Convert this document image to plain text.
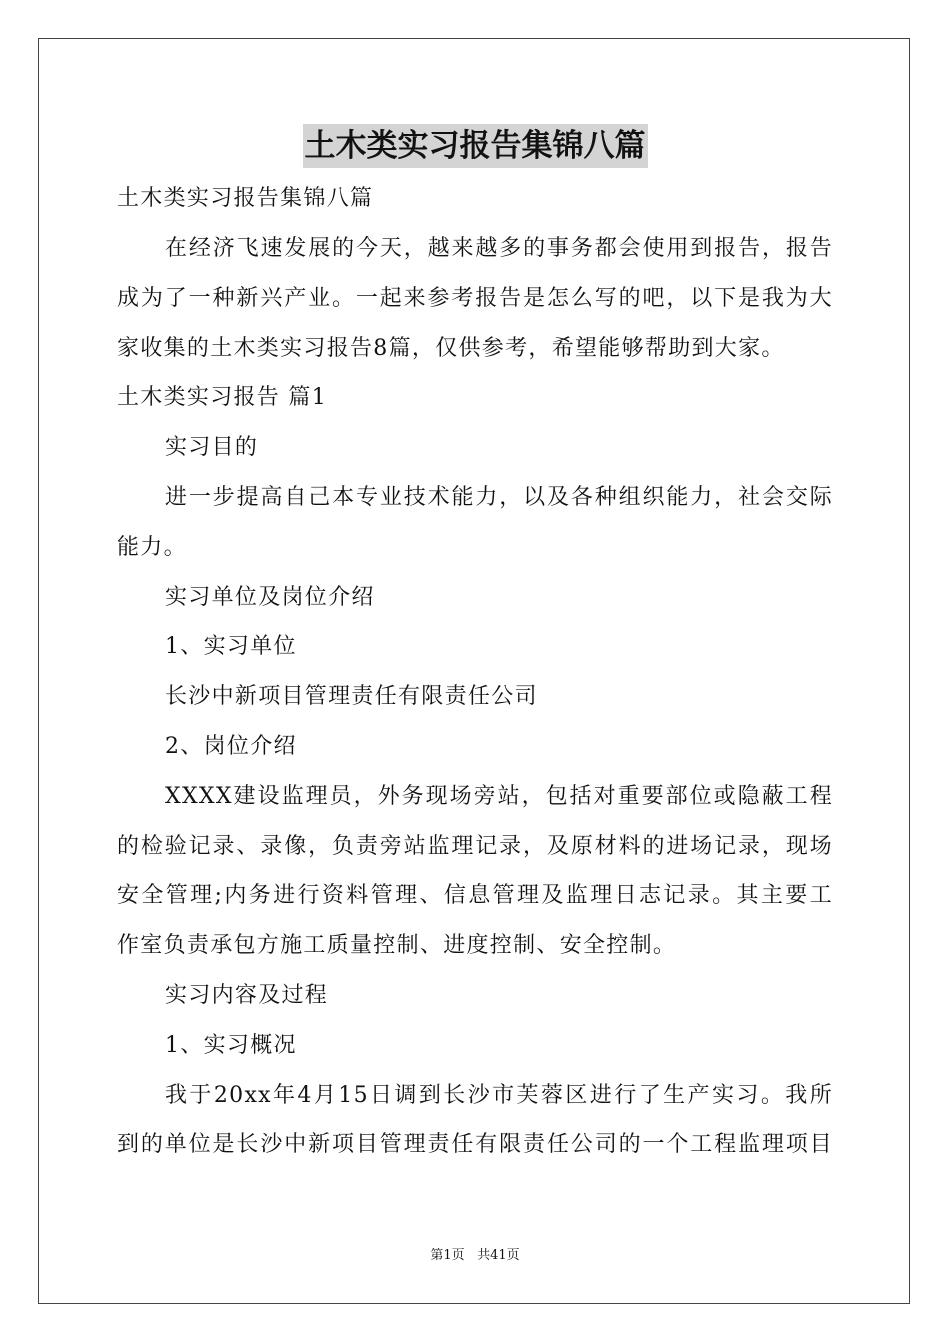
土木类实习报告集锦八篇
土木类实习报告集锦八篇
在经济飞速发展的今天，越来越多的事务都会使用到报告，报告
成为了一种新兴产业。一起来参考报告是怎么写的吧，以下是我为大
家收集的土木类实习报告8篇，仅供参考，希望能够帮助到大家。
土木类实习报告 篇1
实习目的
进一步提高自己本专业技术能力，以及各种组织能力，社会交际
能力。
实习单位及岗位介绍
1、实习单位
长沙中新项目管理责任有限责任公司
2、岗位介绍
XXXX建设监理员，外务现场旁站，包括对重要部位或隐蔽工程
的检验记录、录像，负责旁站监理记录，及原材料的进场记录，现场
安全管理;内务进行资料管理、信息管理及监理日志记录。其主要工
作室负责承包方施工质量控制、进度控制、安全控制。
实习内容及过程
1、实习概况
我于20xx年4月15日调到长沙市芙蓉区进行了生产实习。我所
到的单位是长沙中新项目管理责任有限责任公司的一个工程监理项目
第1页 共41页
